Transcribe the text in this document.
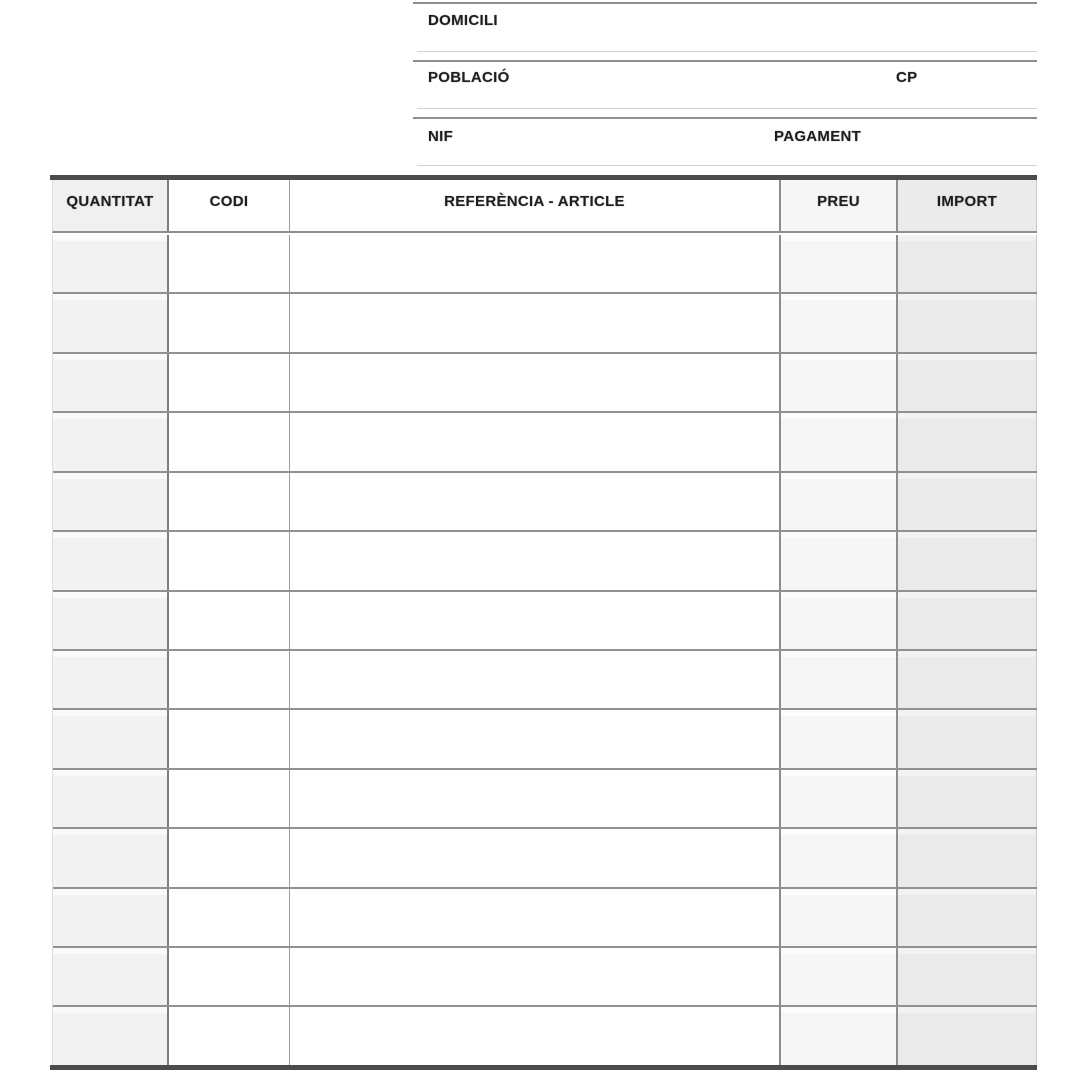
DOMICILI
POBLACIÓ	CP
NIF	PAGAMENT
QUANTITAT	CODI	REFERÈNCIA - ARTICLE	PREU	IMPORT
